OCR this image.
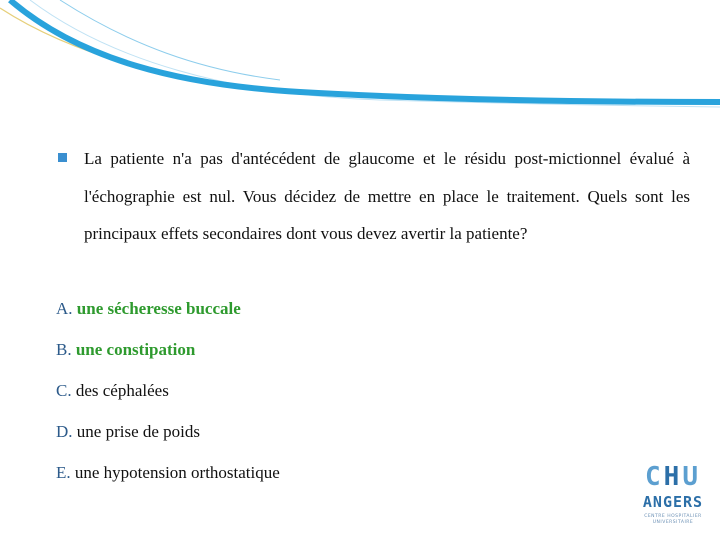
La patiente n'a pas d'antécédent de glaucome et le résidu post-mictionnel évalué à l'échographie est nul. Vous décidez de mettre en place le traitement. Quels sont les principaux effets secondaires dont vous devez avertir la patiente?
A. une sécheresse buccale
B. une constipation
C. des céphalées
D. une prise de poids
E. une hypotension orthostatique	CHU
ANGERS
CENTRE HOSPITALIER
UNIVERSITAIRE
